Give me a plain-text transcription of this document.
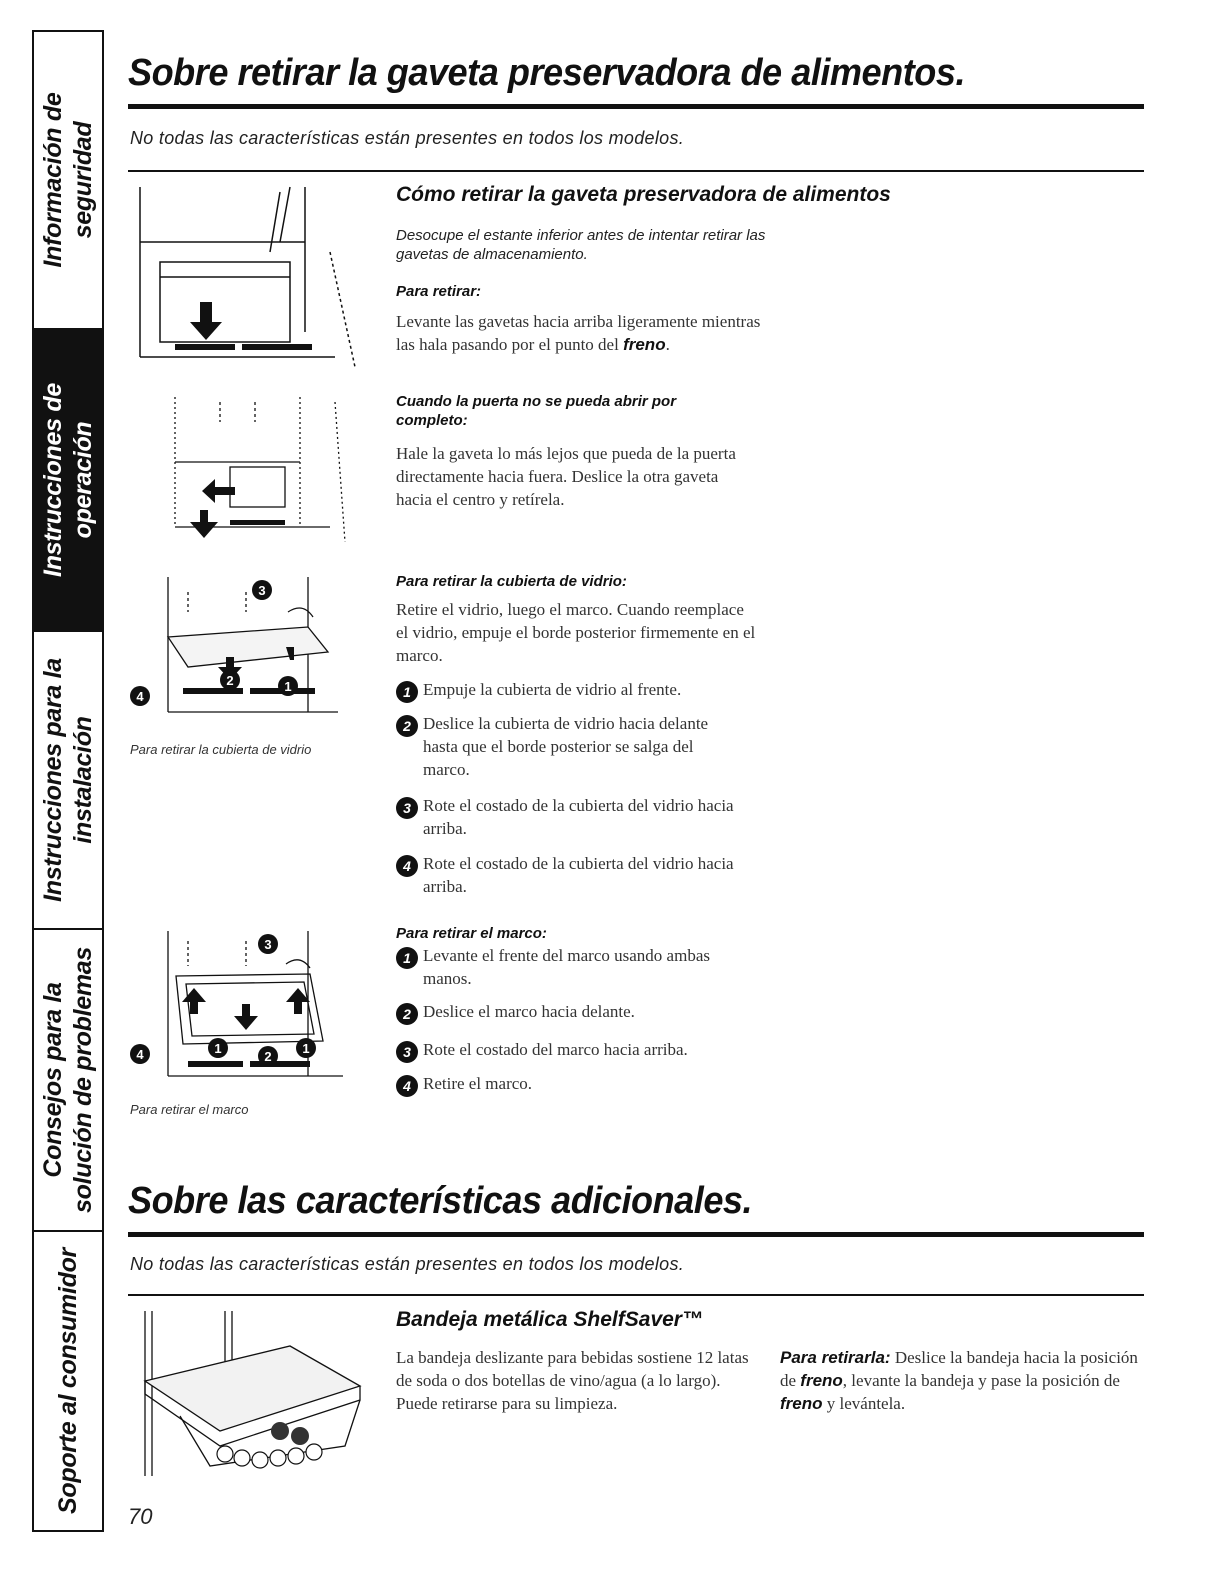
Información de seguridad
Instrucciones de operación
Instrucciones para la instalación
Consejos para la solución de problemas
Soporte al consumidor
Sobre retirar la gaveta preservadora de alimentos.
No todas las características están presentes en todos los modelos.
Cómo retirar la gaveta preservadora de alimentos
Desocupe el estante inferior antes de intentar retirar las gavetas de almacenamiento.
Para retirar:
Levante las gavetas hacia arriba ligeramente mientras las hala pasando por el punto del freno.
Cuando la puerta no se pueda abrir por completo:
Hale la gaveta lo más lejos que pueda de la puerta directamente hacia fuera. Deslice la otra gaveta hacia el centro y retírela.
Para retirar la cubierta de vidrio:
Retire el vidrio, luego el marco. Cuando reemplace el vidrio, empuje el borde posterior firmemente en el marco.
1 Empuje la cubierta de vidrio al frente.
2 Deslice la cubierta de vidrio hacia delante hasta que el borde posterior se salga del marco.
3 Rote el costado de la cubierta del vidrio hacia arriba.
4 Rote el costado de la cubierta del vidrio hacia arriba.
Para retirar el marco:
1 Levante el frente del marco usando ambas manos.
2 Deslice el marco hacia delante.
3 Rote el costado del marco hacia arriba.
4 Retire el marco.
3
2	1
4
Para retirar la cubierta de vidrio
3
1
2
1
4
Para retirar el marco
Sobre las características adicionales.
No todas las características están presentes en todos los modelos.
Bandeja metálica ShelfSaver™
La bandeja deslizante para bebidas sostiene 12 latas de soda o dos botellas de vino/agua (a lo largo). Puede retirarse para su limpieza.
Para retirarla: Deslice la bandeja hacia la posición de freno, levante la bandeja y pase la posición de freno y levántela.
70
